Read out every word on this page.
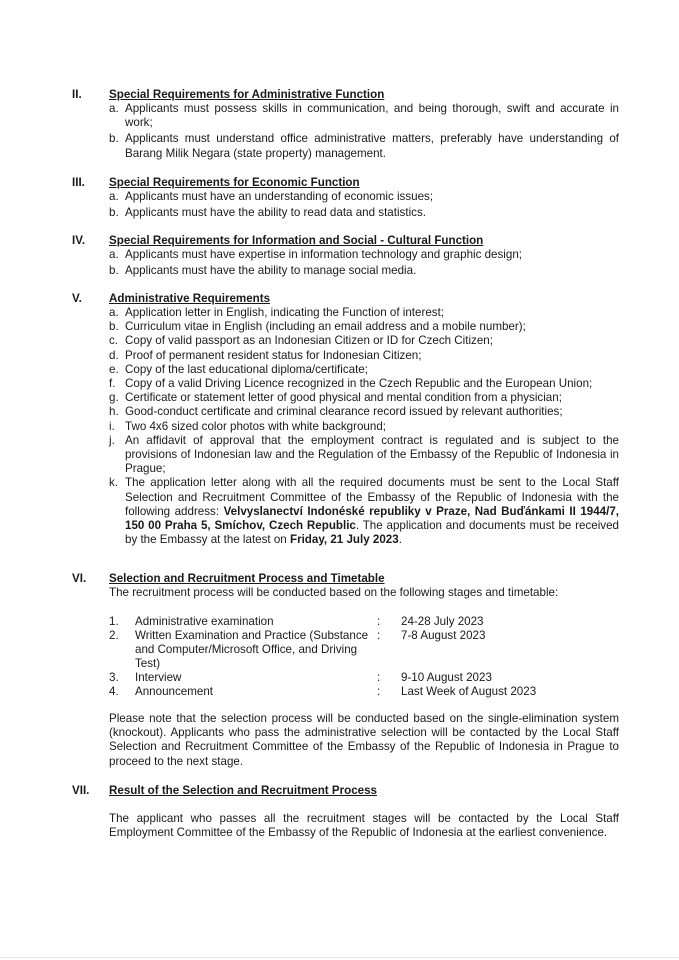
II.	Special Requirements for Administrative Function
a. Applicants must possess skills in communication, and being thorough, swift and accurate in work;
b. Applicants must understand office administrative matters, preferably have understanding of Barang Milik Negara (state property) management.
III.	Special Requirements for Economic Function
a. Applicants must have an understanding of economic issues;
b. Applicants must have the ability to read data and statistics.
IV.	Special Requirements for Information and Social - Cultural Function
a. Applicants must have expertise in information technology and graphic design;
b. Applicants must have the ability to manage social media.
V.	Administrative Requirements
a. Application letter in English, indicating the Function of interest;
b. Curriculum vitae in English (including an email address and a mobile number);
c. Copy of valid passport as an Indonesian Citizen or ID for Czech Citizen;
d. Proof of permanent resident status for Indonesian Citizen;
e. Copy of the last educational diploma/certificate;
f. Copy of a valid Driving Licence recognized in the Czech Republic and the European Union;
g. Certificate or statement letter of good physical and mental condition from a physician;
h. Good-conduct certificate and criminal clearance record issued by relevant authorities;
i. Two 4x6 sized color photos with white background;
j. An affidavit of approval that the employment contract is regulated and is subject to the provisions of Indonesian law and the Regulation of the Embassy of the Republic of Indonesia in Prague;
k. The application letter along with all the required documents must be sent to the Local Staff Selection and Recruitment Committee of the Embassy of the Republic of Indonesia with the following address: Velvyslanectví Indonéské republiky v Praze, Nad Buďánkami II 1944/7, 150 00 Praha 5, Smíchov, Czech Republic. The application and documents must be received by the Embassy at the latest on Friday, 21 July 2023.
VI.	Selection and Recruitment Process and Timetable
The recruitment process will be conducted based on the following stages and timetable:
1. Administrative examination	: 24-28 July 2023
2. Written Examination and Practice (Substance and Computer/Microsoft Office, and Driving Test)
: 7-8 August 2023
3. Interview	: 9-10 August 2023
4. Announcement	: Last Week of August 2023
Please note that the selection process will be conducted based on the single-elimination system (knockout). Applicants who pass the administrative selection will be contacted by the Local Staff Selection and Recruitment Committee of the Embassy of the Republic of Indonesia in Prague to proceed to the next stage.
VII.	Result of the Selection and Recruitment Process
The applicant who passes all the recruitment stages will be contacted by the Local Staff Employment Committee of the Embassy of the Republic of Indonesia at the earliest convenience.
